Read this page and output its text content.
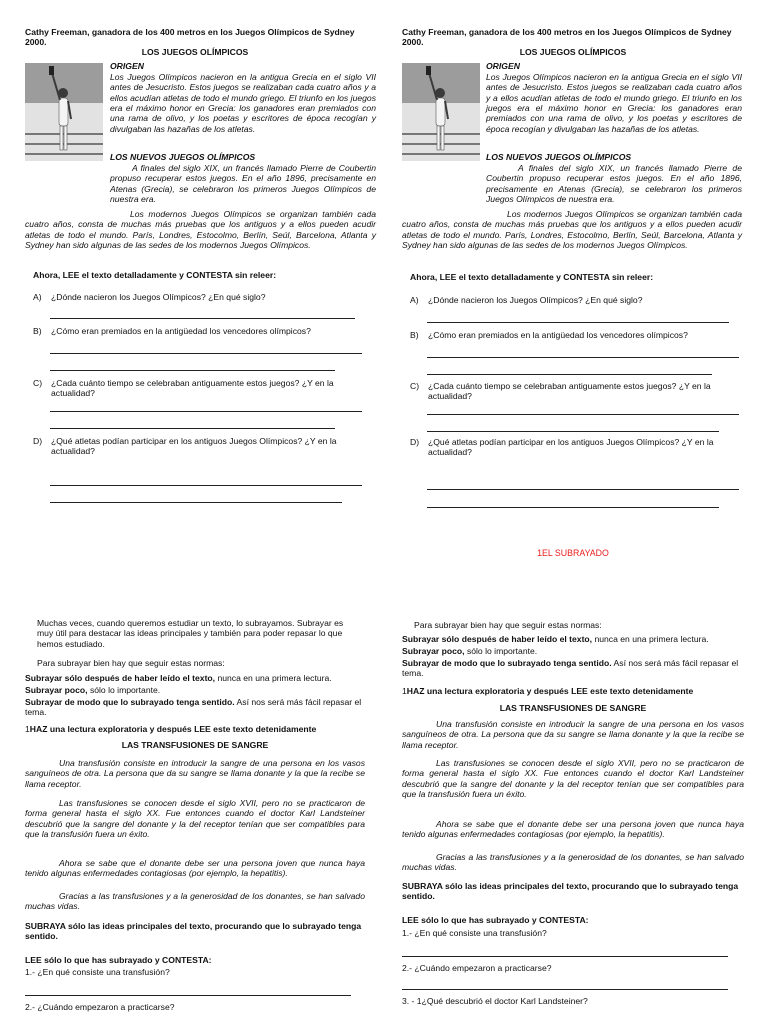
Cathy Freeman, ganadora de los 400 metros en los Juegos Olímpicos de Sydney 2000.
LOS JUEGOS OLÍMPICOS
ORIGEN

Los Juegos Olímpicos nacieron en la antigua Grecia en el siglo VII antes de Jesucristo. Estos juegos se realizaban cada cuatro años y a ellos acudían atletas de todo el mundo griego. El triunfo en los juegos era el máximo honor en Grecia: los ganadores eran premiados con una rama de olivo, y los poetas y escritores de época recogían y divulgaban las hazañas de los atletas.

LOS NUEVOS JUEGOS OLÍMPICOS

A finales del siglo XIX, un francés llamado Pierre de Coubertin propuso recuperar estos juegos. En el año 1896, precisamente en Atenas (Grecia), se celebraron los primeros Juegos Olímpicos de nuestra era.

Los modernos Juegos Olímpicos se organizan también cada cuatro años, consta de muchas más pruebas que los antiguos y a ellos pueden acudir atletas de todo el mundo. París, Londres, Estocolmo, Berlín, Seúl, Barcelona, Atlanta y Sydney han sido algunas de las sedes de los modernos Juegos Olímpicos.

Ahora, LEE el texto detalladamente y CONTESTA sin releer:
A)	¿Dónde nacieron los Juegos Olímpicos? ¿En qué siglo?
B)	¿Cómo eran premiados en la antigüedad los vencedores olímpicos?
C)	¿Cada cuánto tiempo se celebraban antiguamente estos juegos? ¿Y en la actualidad?
D)	¿Qué atletas podían participar en los antiguos Juegos Olímpicos? ¿Y en la actualidad?

Muchas veces, cuando queremos estudiar un texto, lo subrayamos. Subrayar es muy útil para destacar las ideas principales y también para poder repasar lo que hemos estudiado.

Para subrayar bien hay que seguir estas normas:

Subrayar sólo después de haber leído el texto, nunca en una primera lectura.

Subrayar poco, sólo lo importante.

Subrayar de modo que lo subrayado tenga sentido. Así nos será más fácil repasar el tema.

1HAZ una lectura exploratoria y después LEE este texto detenidamente

LAS TRANSFUSIONES DE SANGRE

Una transfusión consiste en introducir la sangre de una persona en los vasos sanguíneos de otra. La persona que da su sangre se llama donante y la que la recibe se llama receptor.

Las transfusiones se conocen desde el siglo XVII, pero no se practicaron de forma general hasta el siglo XX. Fue entonces cuando el doctor Karl Landsteiner descubrió que la sangre del donante y la del receptor tenían que ser compatibles para que la transfusión fuera un éxito.

Ahora se sabe que el donante debe ser una persona joven que nunca haya tenido algunas enfermedades contagiosas (por ejemplo, la hepatitis).

Gracias a las transfusiones y a la generosidad de los donantes, se han salvado muchas vidas.

SUBRAYA sólo las ideas principales del texto, procurando que lo subrayado tenga sentido.

LEE sólo lo que has subrayado y CONTESTA:

1.- ¿En qué consiste una transfusión?

2.- ¿Cuándo empezaron a practicarse?

Cathy Freeman, ganadora de los 400 metros en los Juegos Olímpicos de Sydney 2000.
LOS JUEGOS OLÍMPICOS
ORIGEN

Los Juegos Olímpicos nacieron en la antigua Grecia en el siglo VII antes de Jesucristo. Estos juegos se realizaban cada cuatro años y a ellos acudían atletas de todo el mundo griego. El triunfo en los juegos era el máximo honor en Grecia: los ganadores eran premiados con una rama de olivo, y los poetas y escritores de época recogían y divulgaban las hazañas de los atletas.

LOS NUEVOS JUEGOS OLÍMPICOS

A finales del siglo XIX, un francés llamado Pierre de Coubertin propuso recuperar estos juegos. En el año 1896, precisamente en Atenas (Grecia), se celebraron los primeros Juegos Olímpicos de nuestra era.

Los modernos Juegos Olímpicos se organizan también cada cuatro años, consta de muchas más pruebas que los antiguos y a ellos pueden acudir atletas de todo el mundo. París, Londres, Estocolmo, Berlín, Seúl, Barcelona, Atlanta y Sydney han sido algunas de las sedes de los modernos Juegos Olímpicos.

Ahora, LEE el texto detalladamente y CONTESTA sin releer:
A)	¿Dónde nacieron los Juegos Olímpicos? ¿En qué siglo?
B)	¿Cómo eran premiados en la antigüedad los vencedores olímpicos?
C)	¿Cada cuánto tiempo se celebraban antiguamente estos juegos? ¿Y en la actualidad?
D)	¿Qué atletas podían participar en los antiguos Juegos Olímpicos? ¿Y en la actualidad?
1EL SUBRAYADO

Para subrayar bien hay que seguir estas normas:

Subrayar sólo después de haber leído el texto, nunca en una primera lectura.

Subrayar poco, sólo lo importante.

Subrayar de modo que lo subrayado tenga sentido. Así nos será más fácil repasar el tema.

1HAZ una lectura exploratoria y después LEE este texto detenidamente

LAS TRANSFUSIONES DE SANGRE

Una transfusión consiste en introducir la sangre de una persona en los vasos sanguíneos de otra. La persona que da su sangre se llama donante y la que la recibe se llama receptor.

Las transfusiones se conocen desde el siglo XVII, pero no se practicaron de forma general hasta el siglo XX. Fue entonces cuando el doctor Karl Landsteiner descubrió que la sangre del donante y la del receptor tenían que ser compatibles para que la transfusión fuera un éxito.

Ahora se sabe que el donante debe ser una persona joven que nunca haya tenido algunas enfermedades contagiosas (por ejemplo, la hepatitis).

Gracias a las transfusiones y a la generosidad de los donantes, se han salvado muchas vidas.

SUBRAYA sólo las ideas principales del texto, procurando que lo subrayado tenga sentido.

LEE sólo lo que has subrayado y CONTESTA:

1.- ¿En qué consiste una transfusión?

2.- ¿Cuándo empezaron a practicarse?

3. - 1¿Qué descubrió el doctor Karl Landsteiner?
